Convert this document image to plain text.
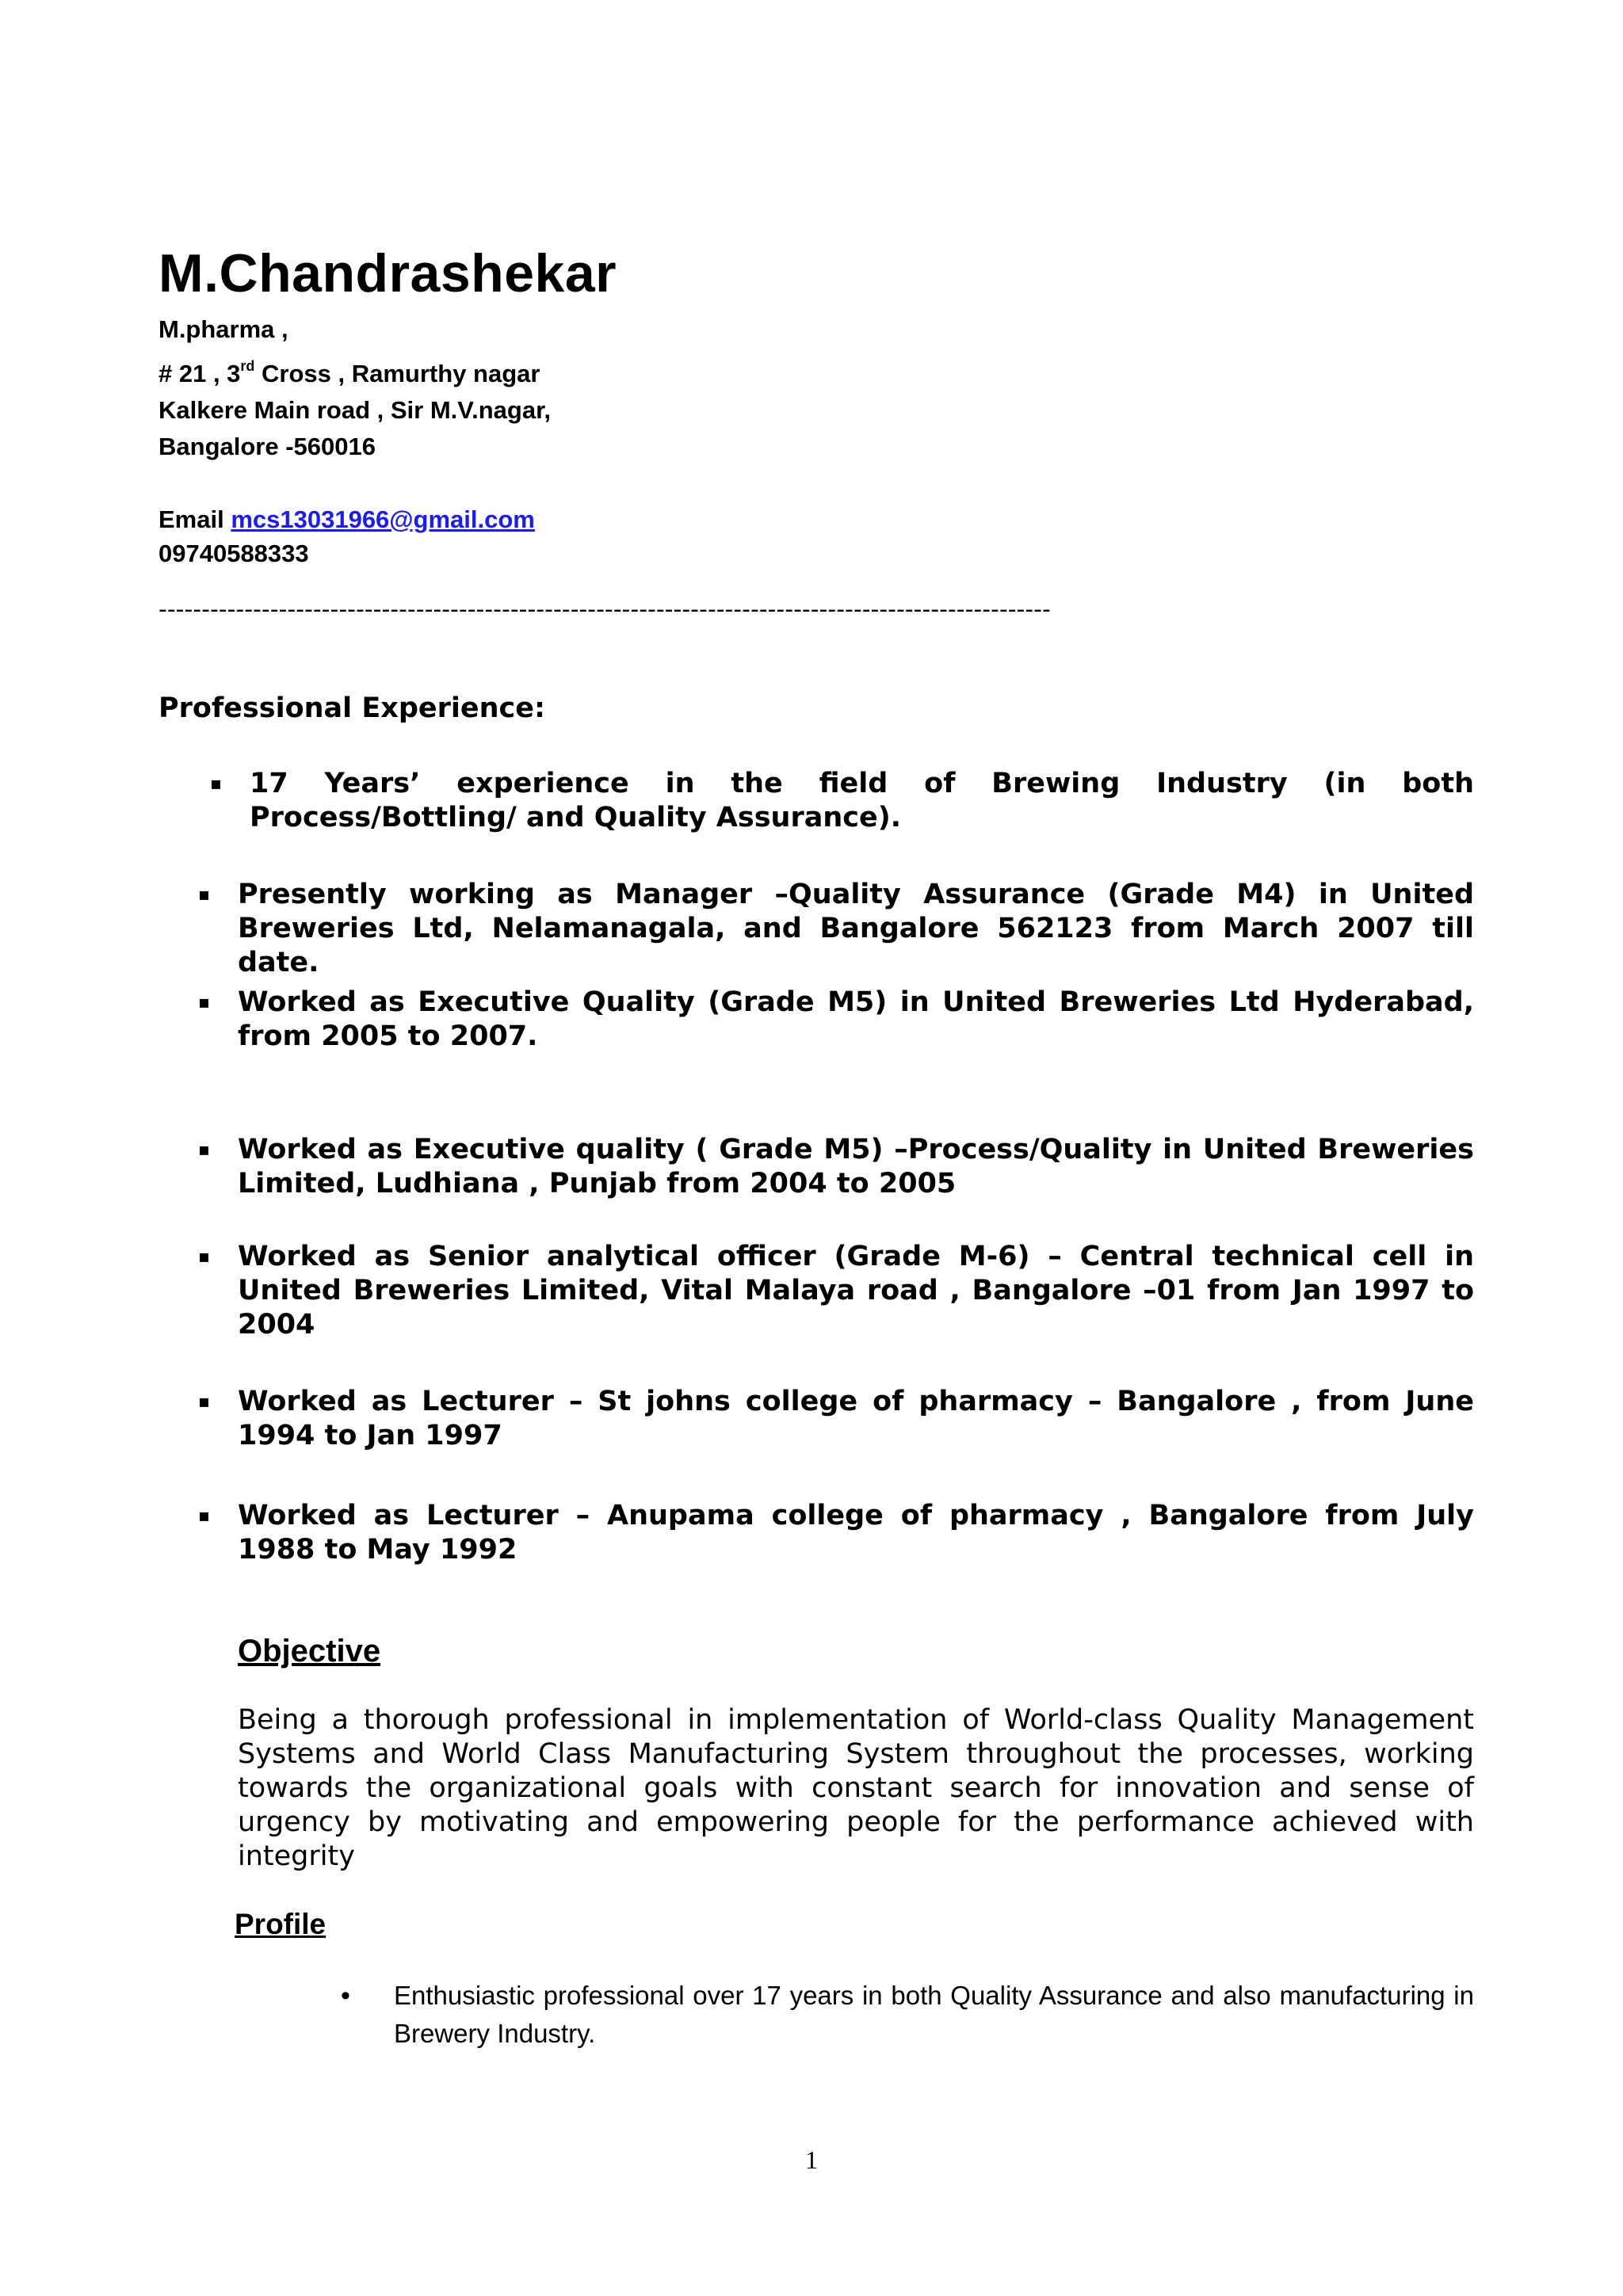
M.Chandrashekar
M.pharma ,
# 21 , 3rd Cross , Ramurthy nagar
Kalkere Main road , Sir M.V.nagar,
Bangalore -560016
Email mcs13031966@gmail.com
09740588333
--------------------------------------------------------------------------------------------------------
Professional Experience:
▪ 17 Years’ experience in the field of Brewing Industry (in both Process/Bottling/ and Quality Assurance).
▪ Presently working as Manager –Quality Assurance (Grade M4) in United Breweries Ltd, Nelamanagala, and Bangalore 562123 from March 2007 till date.
▪ Worked as Executive Quality (Grade M5) in United Breweries Ltd Hyderabad, from 2005 to 2007.
▪ Worked as Executive quality ( Grade M5) –Process/Quality in United Breweries Limited, Ludhiana , Punjab from 2004 to 2005
▪ Worked as Senior analytical officer (Grade M-6) – Central technical cell in United Breweries Limited, Vital Malaya road , Bangalore –01 from Jan 1997 to 2004
▪ Worked as Lecturer – St johns college of pharmacy – Bangalore , from June 1994 to Jan 1997
▪ Worked as Lecturer – Anupama college of pharmacy , Bangalore from July 1988 to May 1992
Objective
Being a thorough professional in implementation of World-class Quality Management Systems and World Class Manufacturing System throughout the processes, working towards the organizational goals with constant search for innovation and sense of urgency by motivating and empowering people for the performance achieved with integrity
Profile
• Enthusiastic professional over 17 years in both Quality Assurance and also manufacturing in Brewery Industry.
1
